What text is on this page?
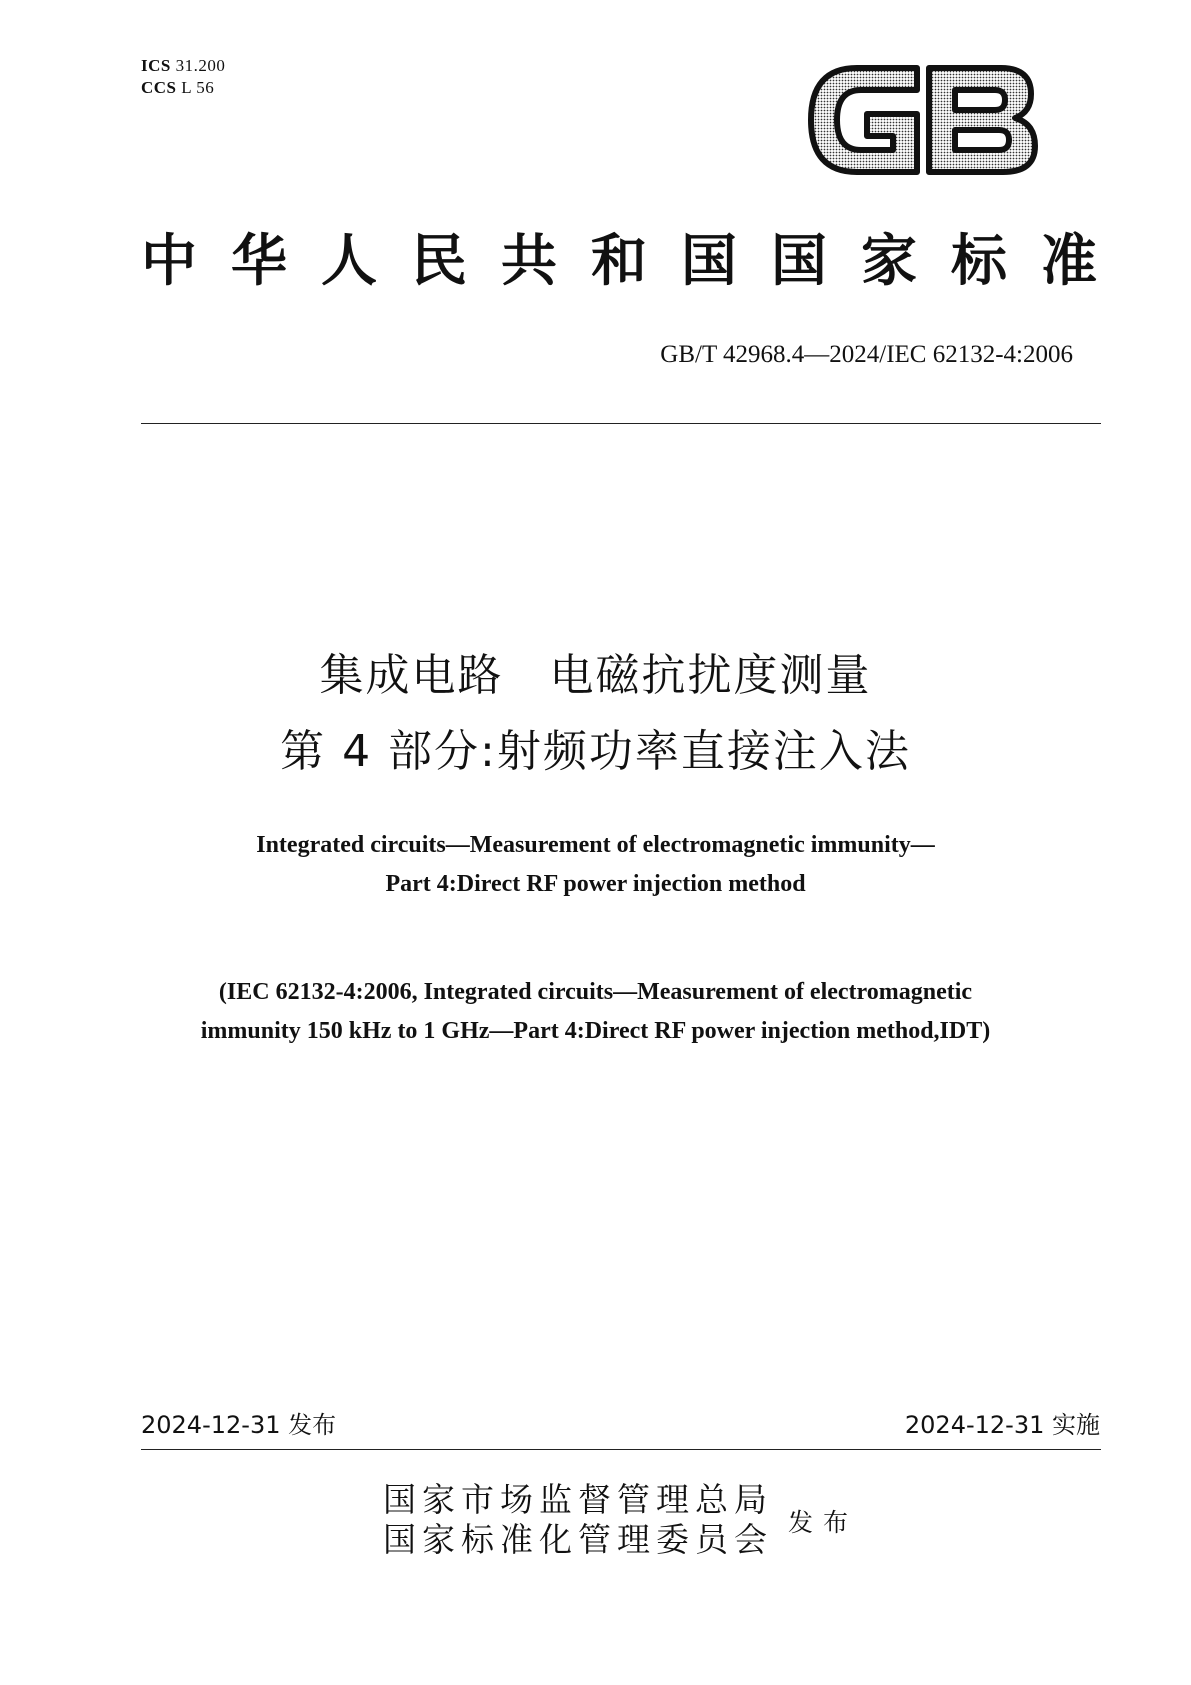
ICS 31.200
CCS L 56
中华人民共和国国家标准
GB/T 42968.4—2024/IEC 62132-4:2006
集成电路　电磁抗扰度测量
第 4 部分:射频功率直接注入法
Integrated circuits—Measurement of electromagnetic immunity—
Part 4:Direct RF power injection method
(IEC 62132-4:2006, Integrated circuits—Measurement of electromagnetic
immunity 150 kHz to 1 GHz—Part 4:Direct RF power injection method,IDT)
2024-12-31 发布	2024-12-31 实施
国家市场监督管理总局
国家标准化管理委员会 发布
